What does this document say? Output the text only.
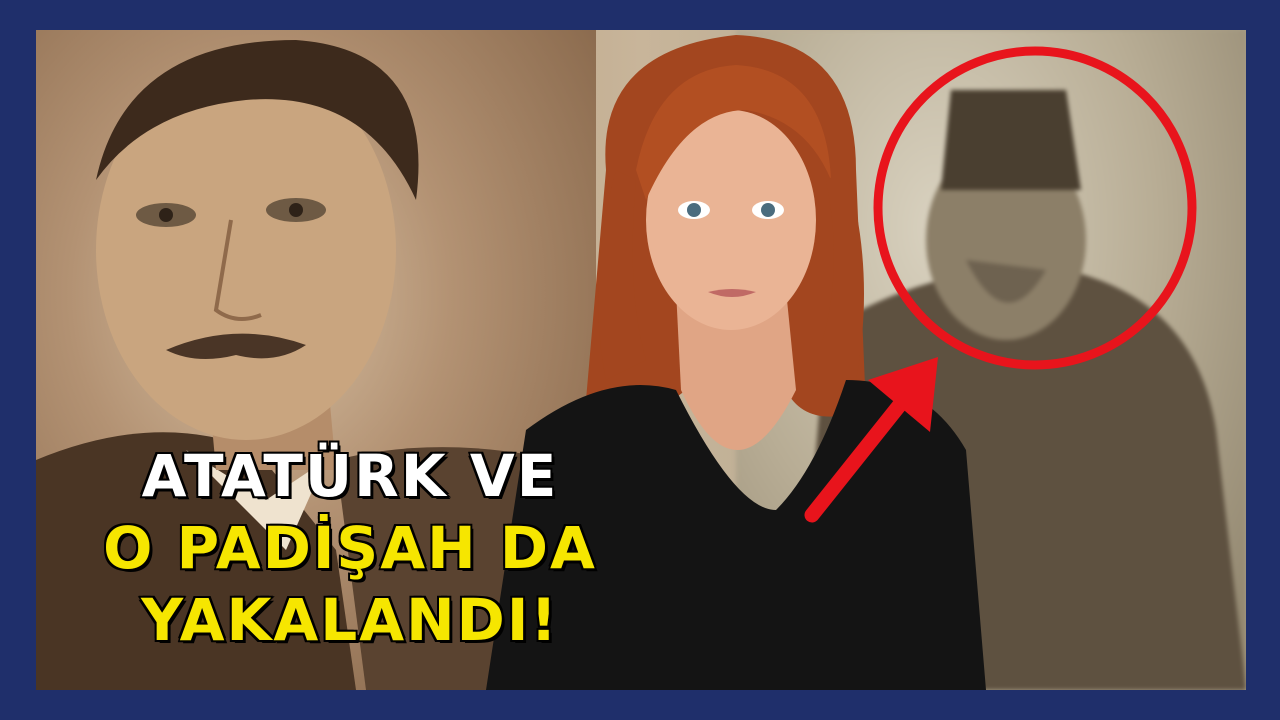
ATATÜRK VE
O PADİŞAH DA
YAKALANDI!
